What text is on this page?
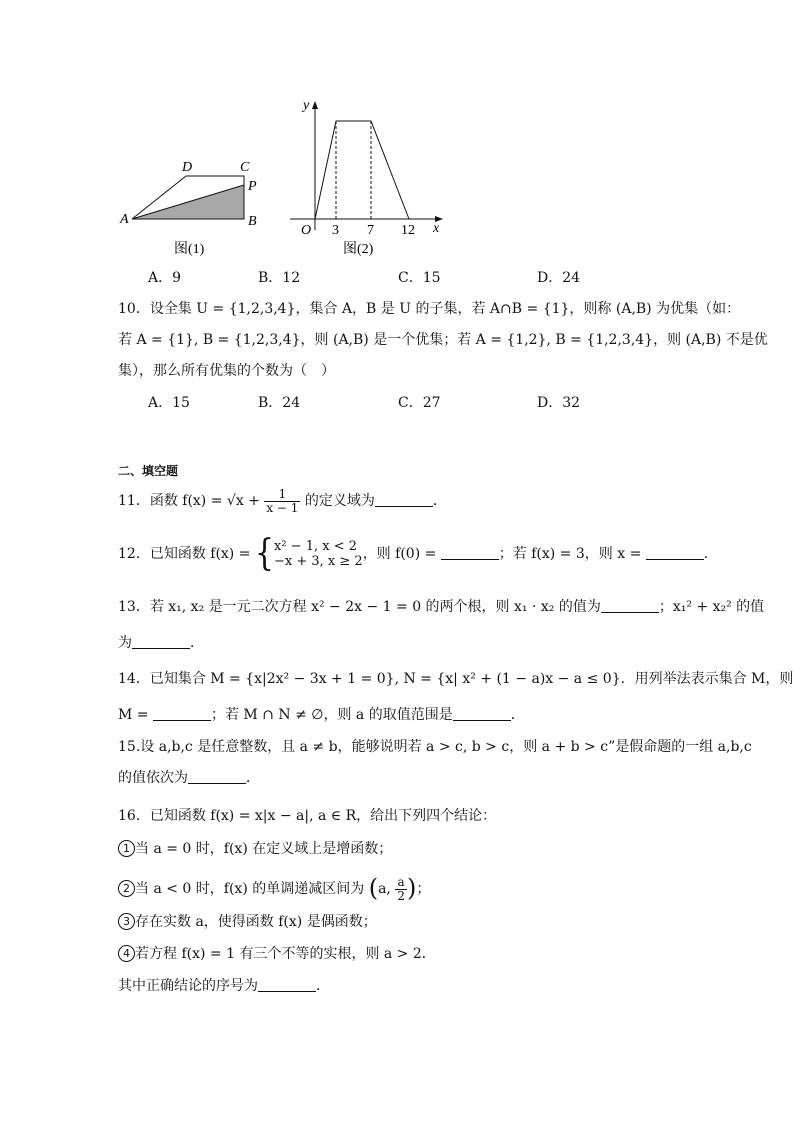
A	B
C
D
P
图(1)
y
x
O 3 7 12
图(2)
A．9	B．12	C．15	D．24
10．设全集 U = {1,2,3,4}，集合 A，B 是 U 的子集，若 A∩B = {1}，则称 (A,B) 为优集（如：
若 A = {1}, B = {1,2,3,4}，则 (A,B) 是一个优集；若 A = {1,2}, B = {1,2,3,4}，则 (A,B) 不是优
集），那么所有优集的个数为（　）
A．15	B．24	C．27	D．32
二、填空题
11．函数 $f(x) = √x + \frac{1}{x - 1}$ 的定义域为	．
12．已知函数 f(x) = { x² − 1, x < 2
−x + 3, x ≥ 2 ，则 f(0) =	；若 f(x) = 3，则 x =	．
13．若 x₁, x₂ 是一元二次方程 x² − 2x − 1 = 0 的两个根，则 x₁ · x₂ 的值为	；x₁² + x₂² 的值
为	．
14．已知集合 M = {x|2x² − 3x + 1 = 0}, N = {x| x² + (1 − a)x − a ≤ 0}．用列举法表示集合 M，则
M =	；若 M ∩ N ≠ ∅，则 a 的取值范围是	．
15.设 a,b,c 是任意整数，且 a ≠ b，能够说明若 a > c, b > c，则 a + b > c”是假命题的一组 a,b,c
的值依次为	．
16．已知函数 f(x) = x|x − a|, a ∈ R，给出下列四个结论：
1 当 a = 0 时，f(x) 在定义域上是增函数；
2 当 a < 0 时，f(x) 的单调递减区间为 (a, $\frac{a}{2}$ )；
3 存在实数 a，使得函数 f(x) 是偶函数；
4 若方程 f(x) = 1 有三个不等的实根，则 a > 2．
其中正确结论的序号为	．
